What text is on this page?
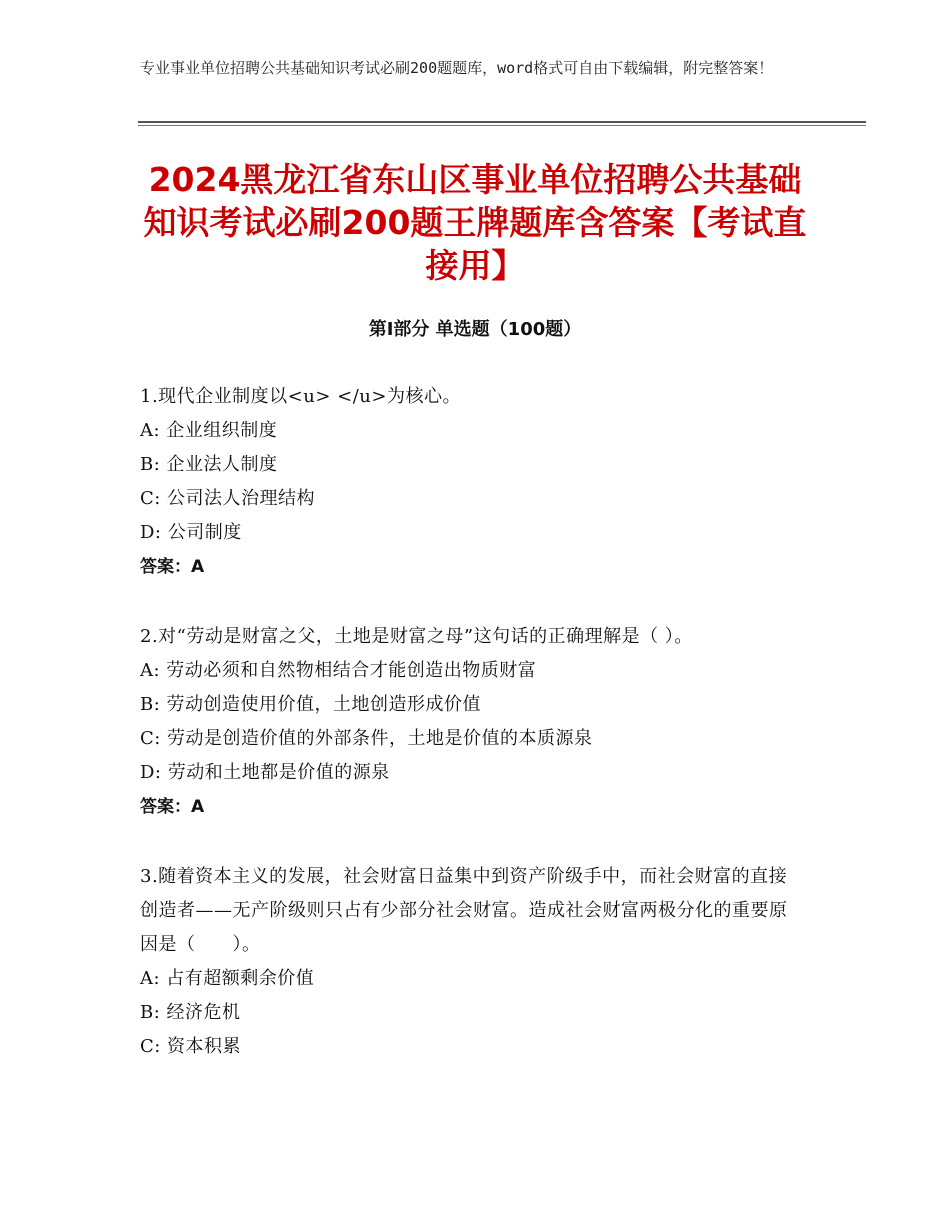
专业事业单位招聘公共基础知识考试必刷200题题库，word格式可自由下载编辑，附完整答案！
2024黑龙江省东山区事业单位招聘公共基础知识考试必刷200题王牌题库含答案【考试直接用】
第Ⅰ部分 单选题（100题）
1.现代企业制度以<u> </u>为核心。
A: 企业组织制度
B: 企业法人制度
C: 公司法人治理结构
D: 公司制度
答案：A
2.对“劳动是财富之父，土地是财富之母”这句话的正确理解是（ ）。
A: 劳动必须和自然物相结合才能创造出物质财富
B: 劳动创造使用价值，土地创造形成价值
C: 劳动是创造价值的外部条件，土地是价值的本质源泉
D: 劳动和土地都是价值的源泉
答案：A
3.随着资本主义的发展，社会财富日益集中到资产阶级手中，而社会财富的直接创造者——无产阶级则只占有少部分社会财富。造成社会财富两极分化的重要原因是（　　）。
A: 占有超额剩余价值
B: 经济危机
C: 资本积累
